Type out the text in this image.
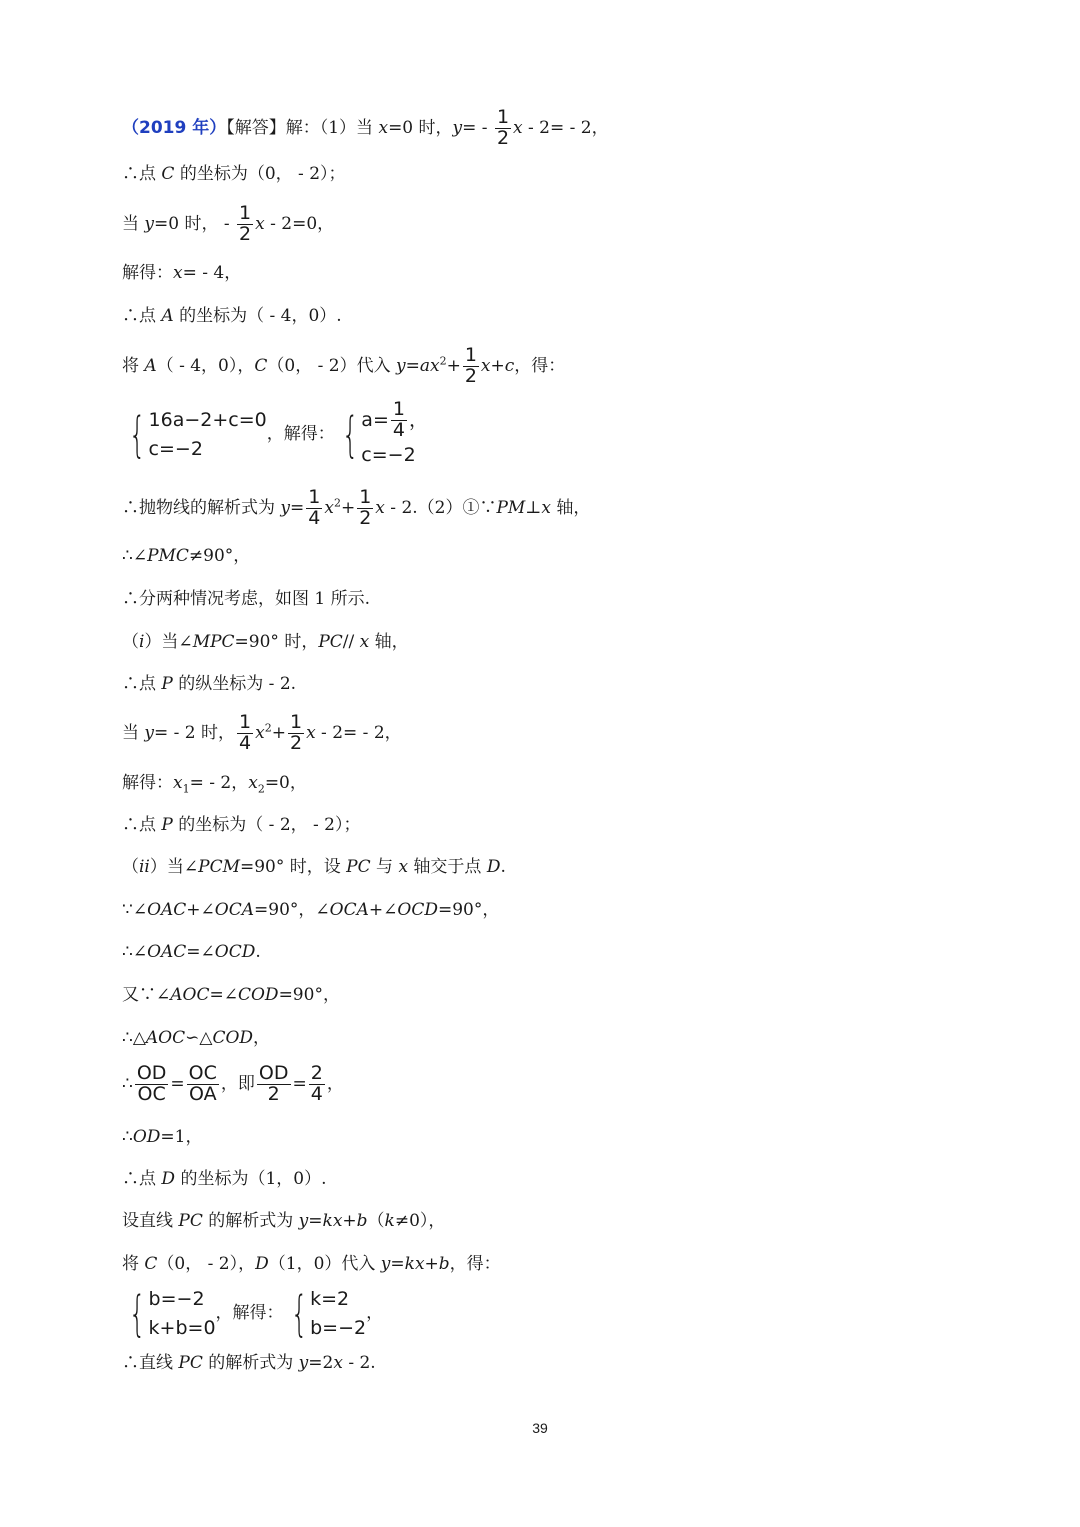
（2019 年）【解答】解：（1）当 x=0 时，$y= - \frac{1}{2}$ x - 2= - 2，
∴点 C 的坐标为（0， - 2）；
当 y=0 时， - $\frac{1}{2}$ x - 2=0，
解得：x= - 4，
∴点 A 的坐标为（ - 4，0）.
将 A（ - 4，0），C（0， - 2）代入 $y=ax^2+ \frac{1}{2} x+c$，得：
{ 16a−2+c=0
c=−2
，解得： { $a= \frac{1}{4}$ ，
c=−2
∴抛物线的解析式为 $y= \frac{1}{4} x^2+ \frac{1}{2}$ x - 2.（2）①∵PM⊥x 轴，
∴∠PMC≠90°，
∴分两种情况考虑，如图 1 所示.
（i）当∠MPC=90° 时，PC// x 轴，
∴点 P 的纵坐标为 - 2.
当 y= - 2 时， $\frac{1}{4} x^2+ \frac{1}{2}$ x - 2= - 2，
解得：$x_1= - 2$，$x_2=0$，
∴点 P 的坐标为（ - 2， - 2）；
（ii）当∠PCM=90° 时，设 PC 与 x 轴交于点 D.
∵∠OAC+∠OCA=90°，∠OCA+∠OCD=90°，
∴∠OAC=∠OCD.
又∵∠AOC=∠COD=90°，
∴△AOC∽△COD，
∴ $\frac{OD}{OC} = \frac{OC}{OA}$ ，即 $\frac{OD}{2} = \frac{2}{4}$ ，
∴OD=1，
∴点 D 的坐标为（1，0）.
设直线 PC 的解析式为 y=kx+b（k≠0），
将 C（0， - 2），D（1，0）代入 y=kx+b，得：
{ b=−2
k+b=0
，解得： { k=2
b=−2
，
∴直线 PC 的解析式为 y=2x - 2.
39
